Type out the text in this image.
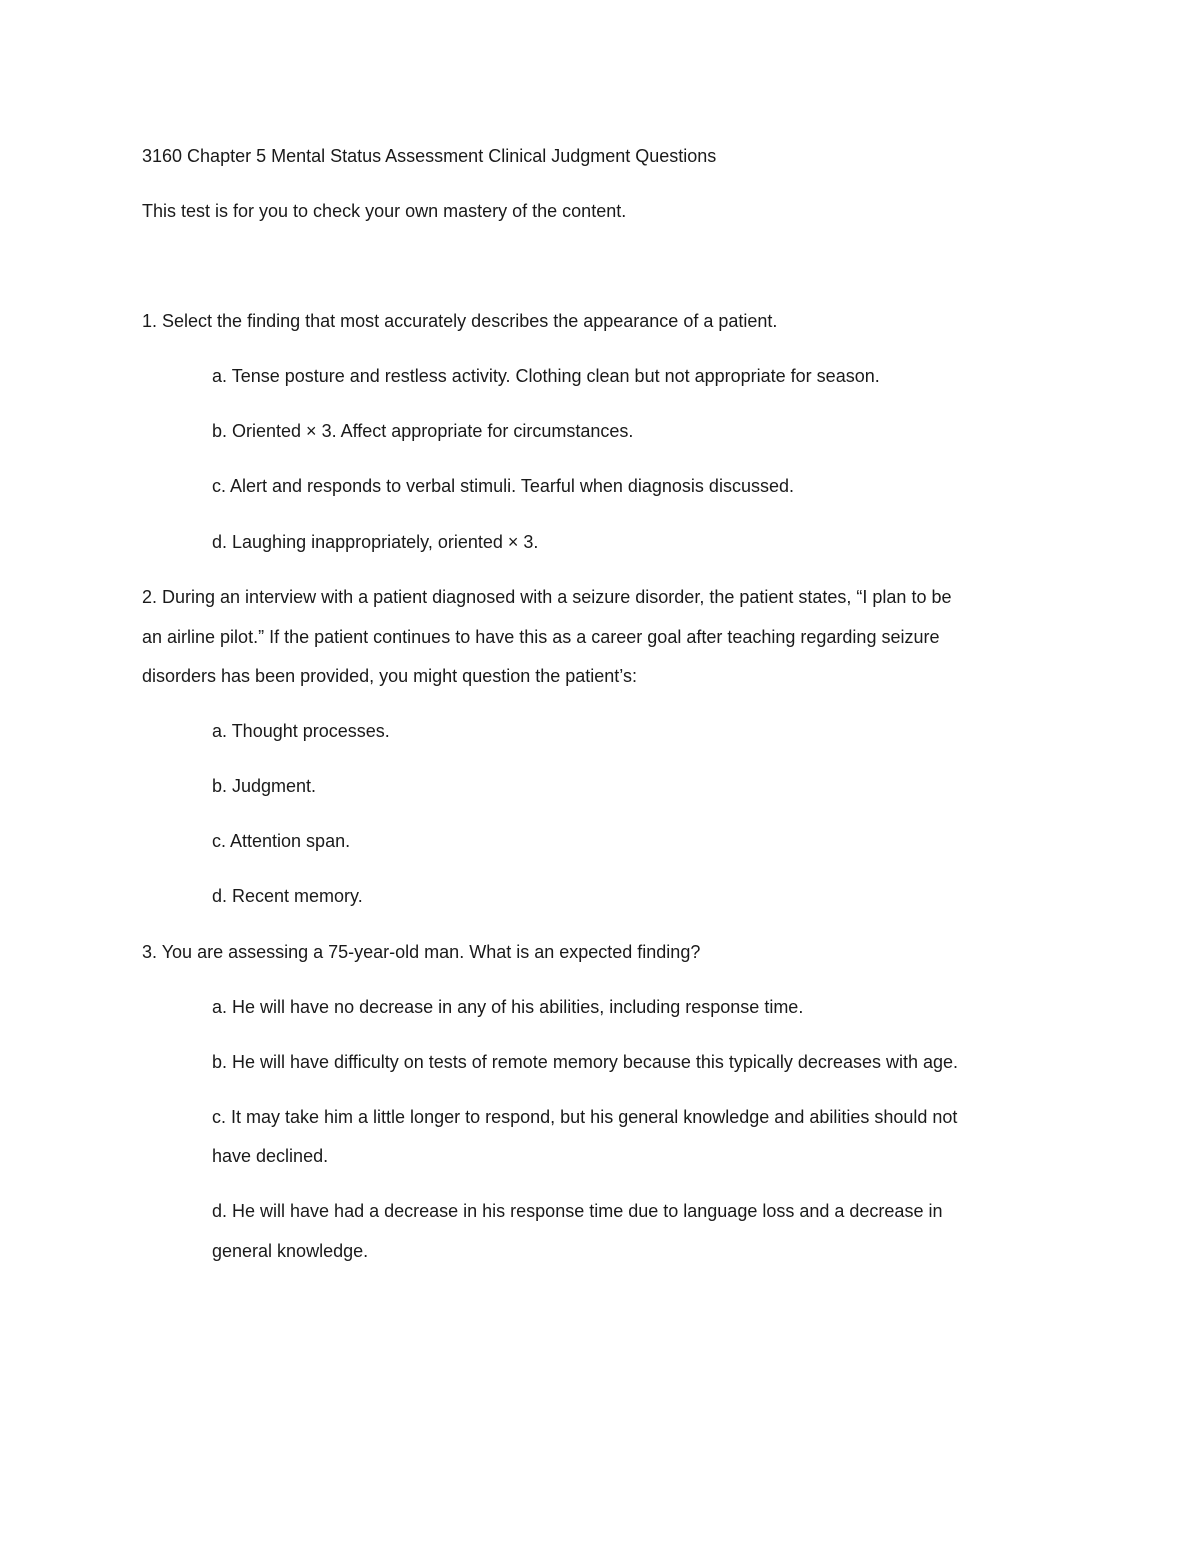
3160 Chapter 5 Mental Status Assessment Clinical Judgment Questions
This test is for you to check your own mastery of the content.
1. Select the finding that most accurately describes the appearance of a patient.
a. Tense posture and restless activity. Clothing clean but not appropriate for season.
b. Oriented × 3. Affect appropriate for circumstances.
c. Alert and responds to verbal stimuli. Tearful when diagnosis discussed.
d. Laughing inappropriately, oriented × 3.
2. During an interview with a patient diagnosed with a seizure disorder, the patient states, “I plan to be
an airline pilot.” If the patient continues to have this as a career goal after teaching regarding seizure
disorders has been provided, you might question the patient’s:
a. Thought processes.
b. Judgment.
c. Attention span.
d. Recent memory.
3. You are assessing a 75-year-old man. What is an expected finding?
a. He will have no decrease in any of his abilities, including response time.
b. He will have difficulty on tests of remote memory because this typically decreases with age.
c. It may take him a little longer to respond, but his general knowledge and abilities should not
have declined.
d. He will have had a decrease in his response time due to language loss and a decrease in
general knowledge.
